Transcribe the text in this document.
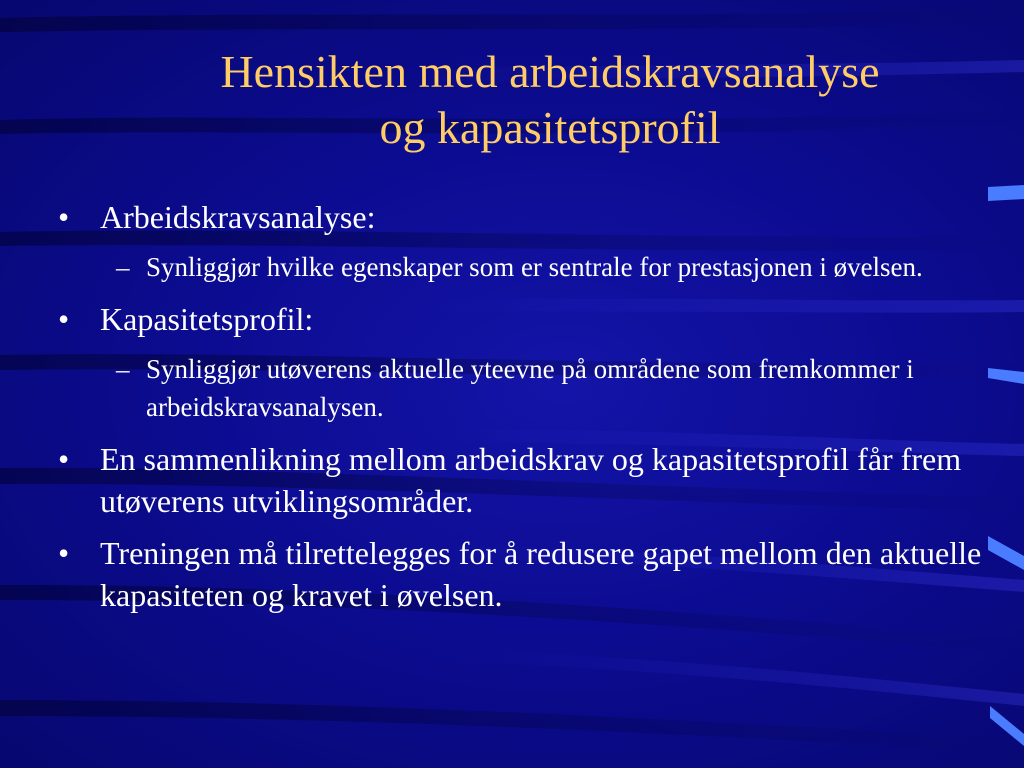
Hensikten med arbeidskravsanalyse
og kapasitetsprofil
• Arbeidskravsanalyse:
– Synliggjør hvilke egenskaper som er sentrale for prestasjonen i øvelsen.
• Kapasitetsprofil:
– Synliggjør utøverens aktuelle yteevne på områdene som fremkommer i arbeidskravsanalysen.
• En sammenlikning mellom arbeidskrav og kapasitetsprofil får frem utøverens utviklingsområder.
• Treningen må tilrettelegges for å redusere gapet mellom den aktuelle kapasiteten og kravet i øvelsen.
